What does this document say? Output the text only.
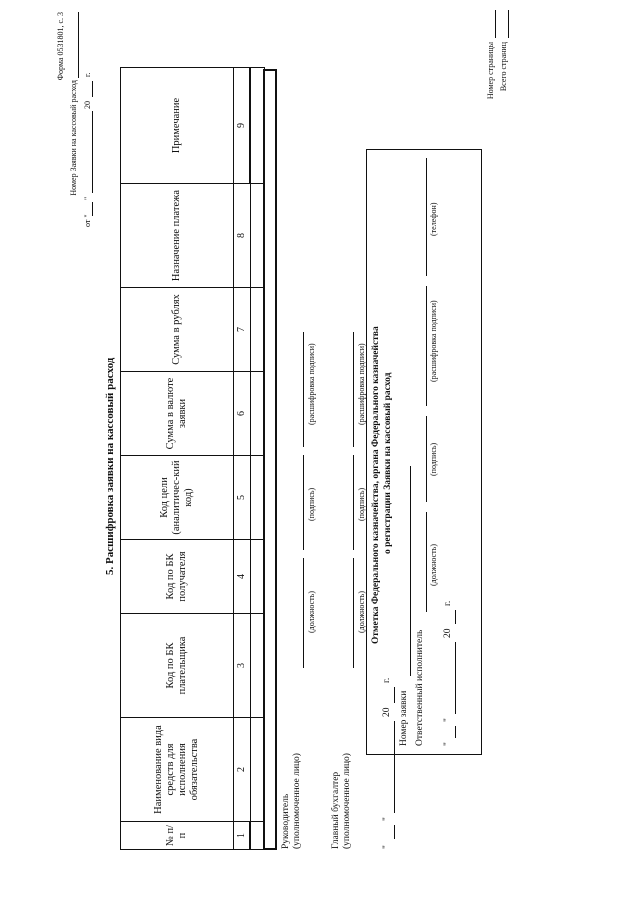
Форма 0531801, с. 3
Номер Заявки на кассовый расход
от "
"
20
г.
5. Расшифровка заявки на кассовый расход
№ п/п	Наименование вида средств для исполнения обязательства	Код по БК плательщика	Код по БК получателя	Код цели (аналитичес-кий код)	Сумма в валюте заявки	Сумма в рублях	Назначение платежа	Примечание
1	2	3	4	5	6	7	8	9

Руководитель (уполномоченное лицо)
(должность)
(подпись)
(расшифровка подписи)
Главный бухгалтер (уполномоченное лицо)
(должность)
(подпись)
(расшифровка подписи)
"
"
20
г.
Отметка Федерального казначейства, органа Федерального казначейства о регистрации Заявки на кассовый расход
Номер заявки Ответственный исполнитель
(должность)
(подпись)
(расшифровка подписи)
(телефон)
"
"
20
г.
Номер страницы Всего страниц
